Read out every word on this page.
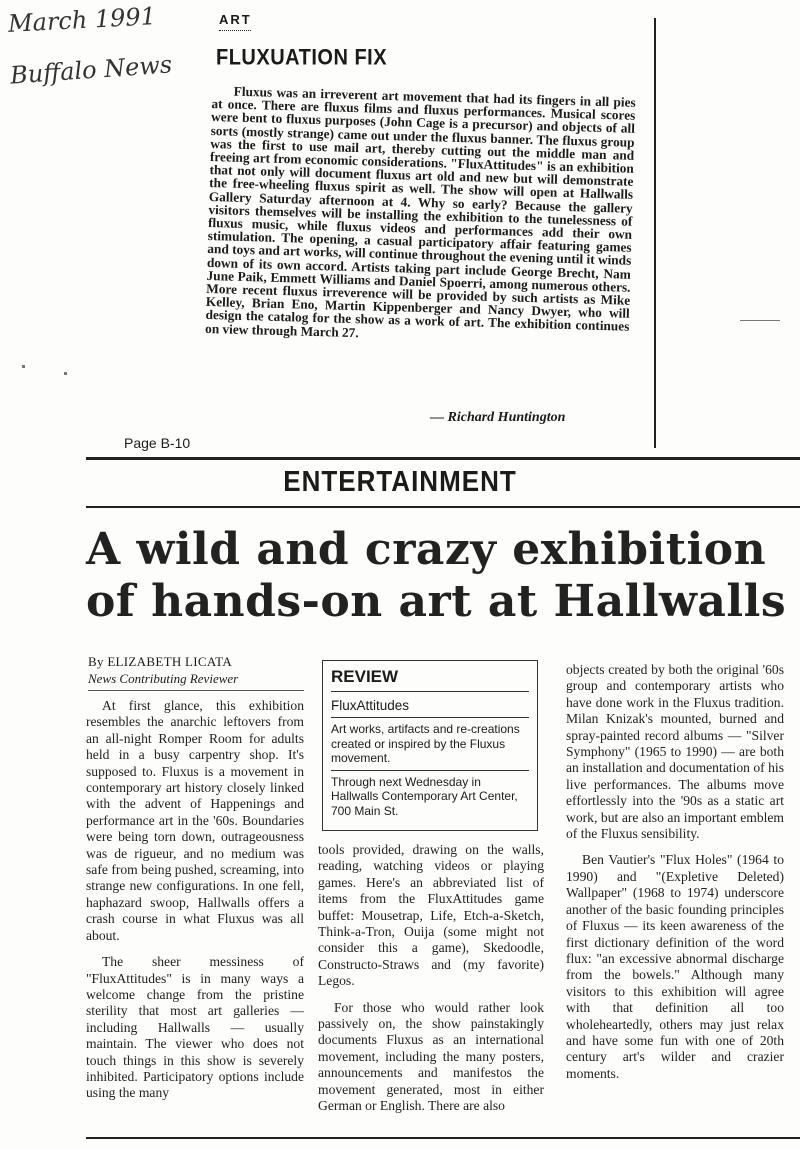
March 1991
Buffalo News
ART
FLUXUATION FIX

Fluxus was an irreverent art movement that had its fingers in all pies at once. There are fluxus films and fluxus performances. Musical scores were bent to fluxus purposes (John Cage is a precursor) and objects of all sorts (mostly strange) came out under the fluxus banner. The fluxus group was the first to use mail art, thereby cutting out the middle man and freeing art from economic considerations. "FluxAttitudes" is an exhibition that not only will document fluxus art old and new but will demonstrate the free-wheeling fluxus spirit as well. The show will open at Hallwalls Gallery Saturday afternoon at 4. Why so early? Because the gallery visitors themselves will be installing the exhibition to the tunelessness of fluxus music, while fluxus videos and performances add their own stimulation. The opening, a casual participatory affair featuring games and toys and art works, will continue throughout the evening until it winds down of its own accord. Artists taking part include George Brecht, Nam June Paik, Emmett Williams and Daniel Spoerri, among numerous others. More recent fluxus irreverence will be provided by such artists as Mike Kelley, Brian Eno, Martin Kippenberger and Nancy Dwyer, who will design the catalog for the show as a work of art. The exhibition continues on view through March 27.

— Richard Huntington
Page B-10
ENTERTAINMENT
A wild and crazy exhibition
of hands-on art at Hallwalls
By ELIZABETH LICATA
News Contributing Reviewer

At first glance, this exhibition resembles the anarchic leftovers from an all-night Romper Room for adults held in a busy carpentry shop. It's supposed to. Fluxus is a movement in contemporary art history closely linked with the advent of Happenings and performance art in the '60s. Boundaries were being torn down, outrageousness was de rigueur, and no medium was safe from being pushed, screaming, into strange new configurations. In one fell, haphazard swoop, Hallwalls offers a crash course in what Fluxus was all about.

The sheer messiness of "FluxAttitudes" is in many ways a welcome change from the pristine sterility that most art galleries — including Hallwalls — usually maintain. The viewer who does not touch things in this show is severely inhibited. Participatory options include using the many

REVIEW
FluxAttitudes
Art works, artifacts and re-creations created or inspired by the Fluxus movement.
Through next Wednesday in Hallwalls Contemporary Art Center, 700 Main St.

tools provided, drawing on the walls, reading, watching videos or playing games. Here's an abbreviated list of items from the FluxAttitudes game buffet: Mousetrap, Life, Etch-a-Sketch, Think-a-Tron, Ouija (some might not consider this a game), Skedoodle, Constructo-Straws and (my favorite) Legos.

For those who would rather look passively on, the show painstakingly documents Fluxus as an international movement, including the many posters, announcements and manifestos the movement generated, most in either German or English. There are also

objects created by both the original '60s group and contemporary artists who have done work in the Fluxus tradition. Milan Knizak's mounted, burned and spray-painted record albums — "Silver Symphony" (1965 to 1990) — are both an installation and documentation of his live performances. The albums move effortlessly into the '90s as a static art work, but are also an important emblem of the Fluxus sensibility.

Ben Vautier's "Flux Holes" (1964 to 1990) and "(Expletive Deleted) Wallpaper" (1968 to 1974) underscore another of the basic founding principles of Fluxus — its keen awareness of the first dictionary definition of the word flux: "an excessive abnormal discharge from the bowels." Although many visitors to this exhibition will agree with that definition all too wholeheartedly, others may just relax and have some fun with one of 20th century art's wilder and crazier moments.
